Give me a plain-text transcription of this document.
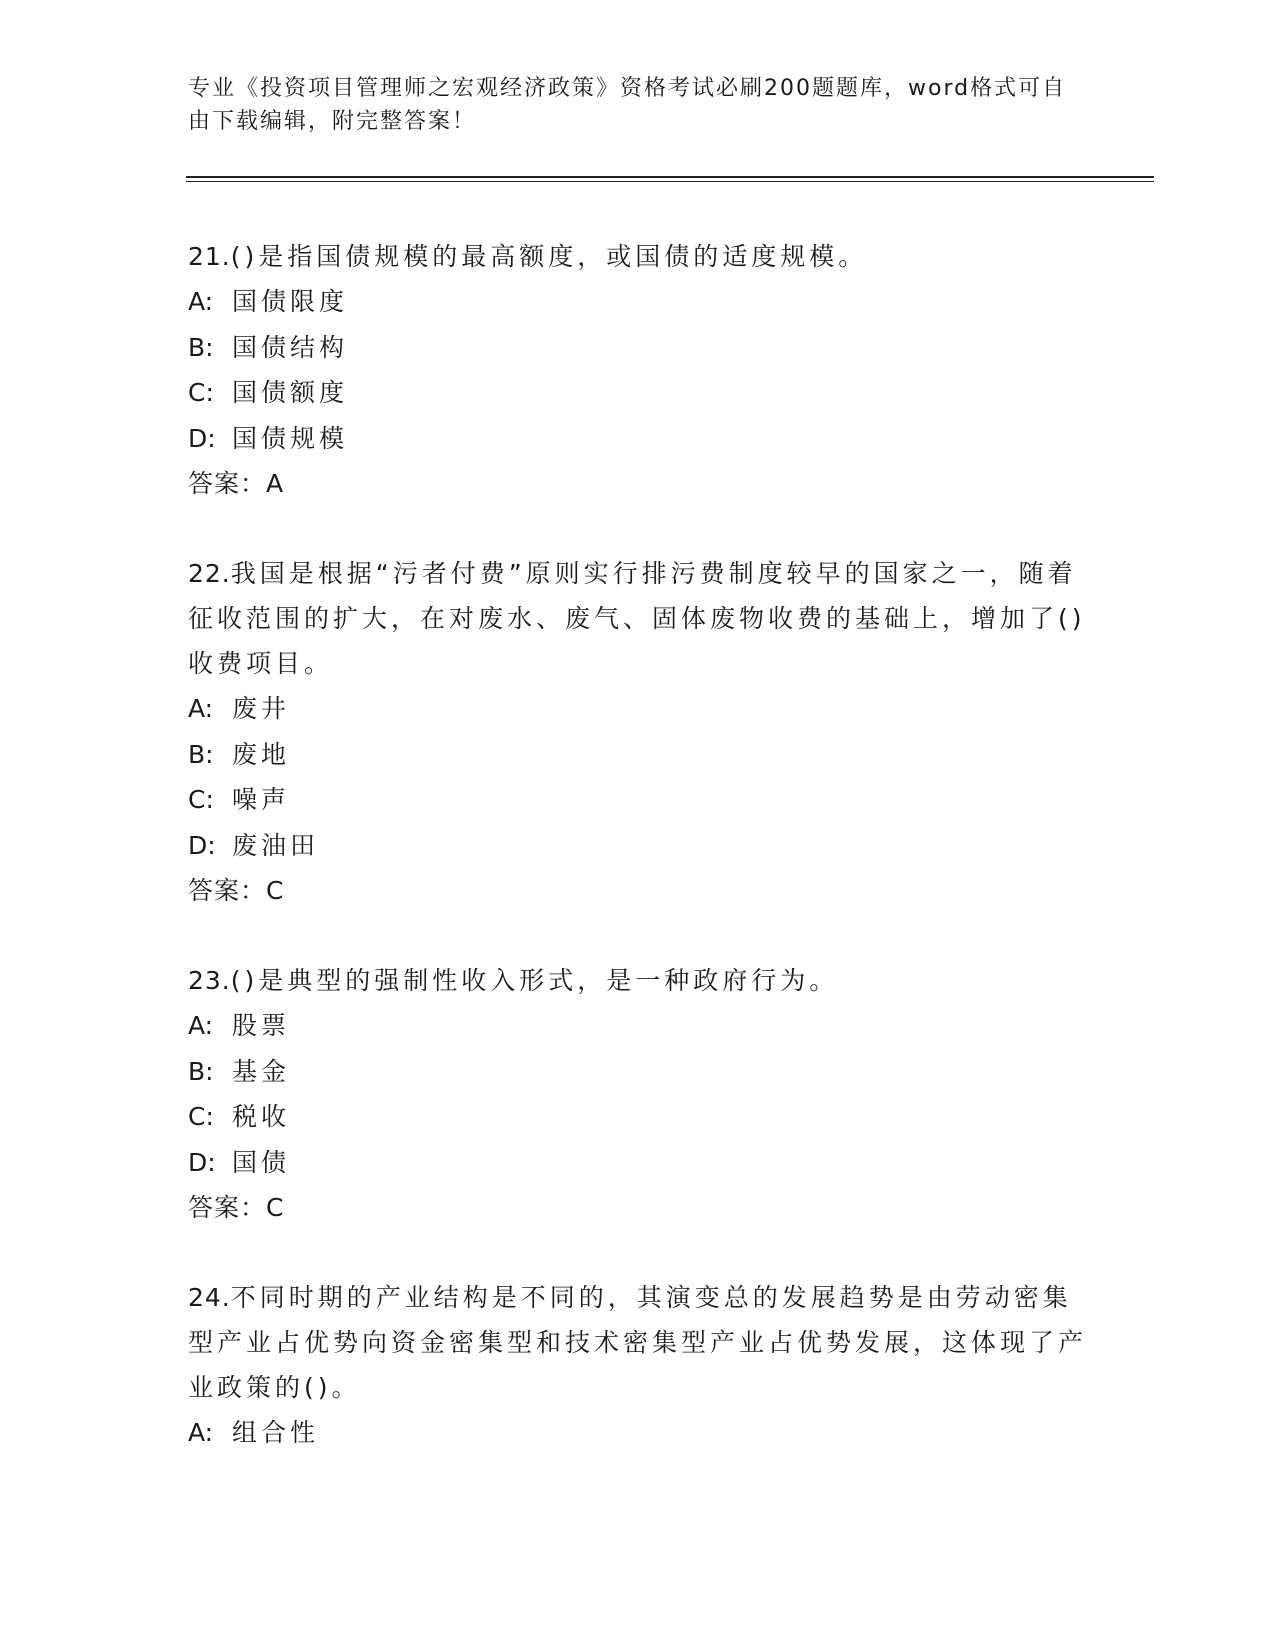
专业《投资项目管理师之宏观经济政策》资格考试必刷200题题库，word格式可自由下载编辑，附完整答案！

21.()是指国债规模的最高额度，或国债的适度规模。

A: 国债限度
B: 国债结构
C: 国债额度
D: 国债规模
答案：A

22.我国是根据“污者付费”原则实行排污费制度较早的国家之一，随着征收范围的扩大，在对废水、废气、固体废物收费的基础上，增加了()收费项目。

A: 废井
B: 废地
C: 噪声
D: 废油田
答案：C

23.()是典型的强制性收入形式，是一种政府行为。

A: 股票
B: 基金
C: 税收
D: 国债
答案：C

24.不同时期的产业结构是不同的，其演变总的发展趋势是由劳动密集型产业占优势向资金密集型和技术密集型产业占优势发展，这体现了产业政策的()。

A: 组合性
